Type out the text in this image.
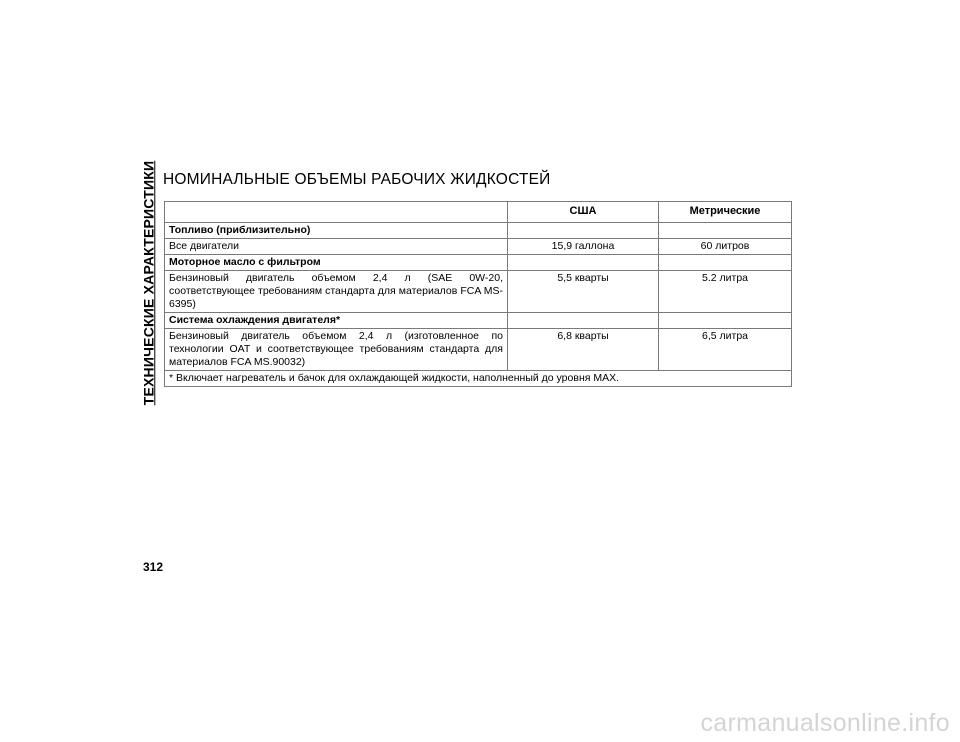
ТЕХНИЧЕСКИЕ ХАРАКТЕРИСТИКИ НОМИНАЛЬНЫЕ ОБЪЕМЫ РАБОЧИХ ЖИДКОСТЕЙ
	США	Метрические
Топливо (приблизительно)		
Все двигатели	15,9 галлона	60 литров
Моторное масло с фильтром		
Бензиновый двигатель объемом 2,4 л (SAE 0W-20, соответствующее требованиям стандарта для материалов FCA MS-6395)	5,5 кварты	5.2 литра
Система охлаждения двигателя*		
Бензиновый двигатель объемом 2,4 л (изготовленное по технологии OAT и соответствующее требованиям стандарта для материалов FCA MS.90032)	6,8 кварты	6,5 литра
* Включает нагреватель и бачок для охлаждающей жидкости, наполненный до уровня MAX.		
312
carmanualsonline.info
